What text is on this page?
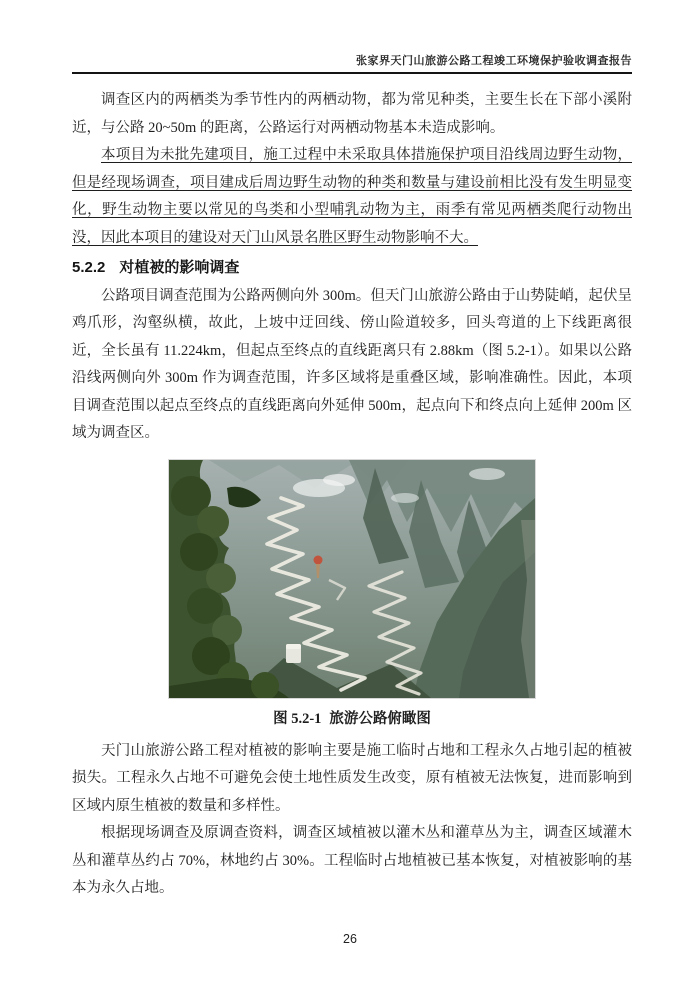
张家界天门山旅游公路工程竣工环境保护验收调查报告

调查区内的两栖类为季节性内的两栖动物，都为常见种类，主要生长在下部小溪附近，与公路 20~50m 的距离，公路运行对两栖动物基本未造成影响。

本项目为未批先建项目，施工过程中未采取具体措施保护项目沿线周边野生动物，但是经现场调查，项目建成后周边野生动物的种类和数量与建设前相比没有发生明显变化，野生动物主要以常见的鸟类和小型哺乳动物为主，雨季有常见两栖类爬行动物出没，因此本项目的建设对天门山风景名胜区野生动物影响不大。

5.2.2 对植被的影响调查

公路项目调查范围为公路两侧向外 300m。但天门山旅游公路由于山势陡峭，起伏呈鸡爪形，沟壑纵横，故此，上坡中迂回线、傍山险道较多，回头弯道的上下线距离很近，全长虽有 11.224km，但起点至终点的直线距离只有 2.88km（图 5.2-1）。如果以公路沿线两侧向外 300m 作为调查范围，许多区域将是重叠区域，影响准确性。因此，本项目调查范围以起点至终点的直线距离向外延伸 500m，起点向下和终点向上延伸 200m 区域为调查区。

图 5.2-1 旅游公路俯瞰图

天门山旅游公路工程对植被的影响主要是施工临时占地和工程永久占地引起的植被损失。工程永久占地不可避免会使土地性质发生改变，原有植被无法恢复，进而影响到区域内原生植被的数量和多样性。

根据现场调查及原调查资料，调查区域植被以灌木丛和灌草丛为主，调查区域灌木丛和灌草丛约占 70%，林地约占 30%。工程临时占地植被已基本恢复，对植被影响的基本为永久占地。

26
